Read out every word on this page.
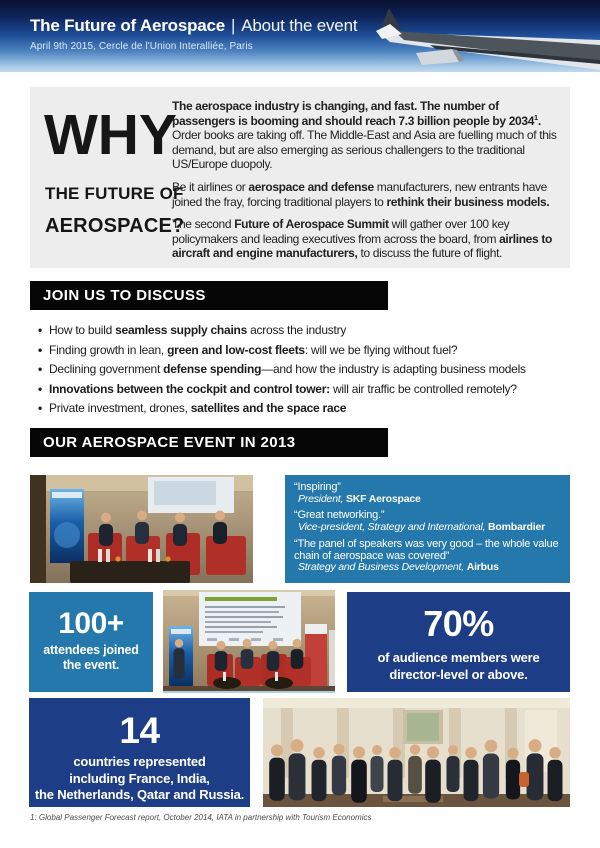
The Future of Aerospace | About the event
April 9th 2015, Cercle de l'Union Interalliée, Paris
WHY
THE FUTURE OF
AEROSPACE?

The aerospace industry is changing, and fast. The number of passengers is booming and should reach 7.3 billion people by 2034$^1$. Order books are taking off. The Middle-East and Asia are fuelling much of this demand, but are also emerging as serious challengers to the traditional US/Europe duopoly.

Be it airlines or aerospace and defense manufacturers, new entrants have joined the fray, forcing traditional players to rethink their business models.

The second Future of Aerospace Summit will gather over 100 key policymakers and leading executives from across the board, from airlines to aircraft and engine manufacturers, to discuss the future of flight.

JOIN US TO DISCUSS
• How to build seamless supply chains across the industry
• Finding growth in lean, green and low-cost fleets: will we be flying without fuel?
• Declining government defense spending—and how the industry is adapting business models
• Innovations between the cockpit and control tower: will air traffic be controlled remotely?
• Private investment, drones, satellites and the space race
OUR AEROSPACE EVENT IN 2013
“Inspiring”
President, SKF Aerospace
“Great networking.”
Vice-president, Strategy and International, Bombardier
“The panel of speakers was very good – the whole value chain of aerospace was covered”
Strategy and Business Development, Airbus
100+
attendees joined
the event.
70%
of audience members were
director-level or above.
14
countries represented
including France, India,
the Netherlands, Qatar and Russia.
1: Global Passenger Forecast report, October 2014, IATA in partnership with Tourism Economics
